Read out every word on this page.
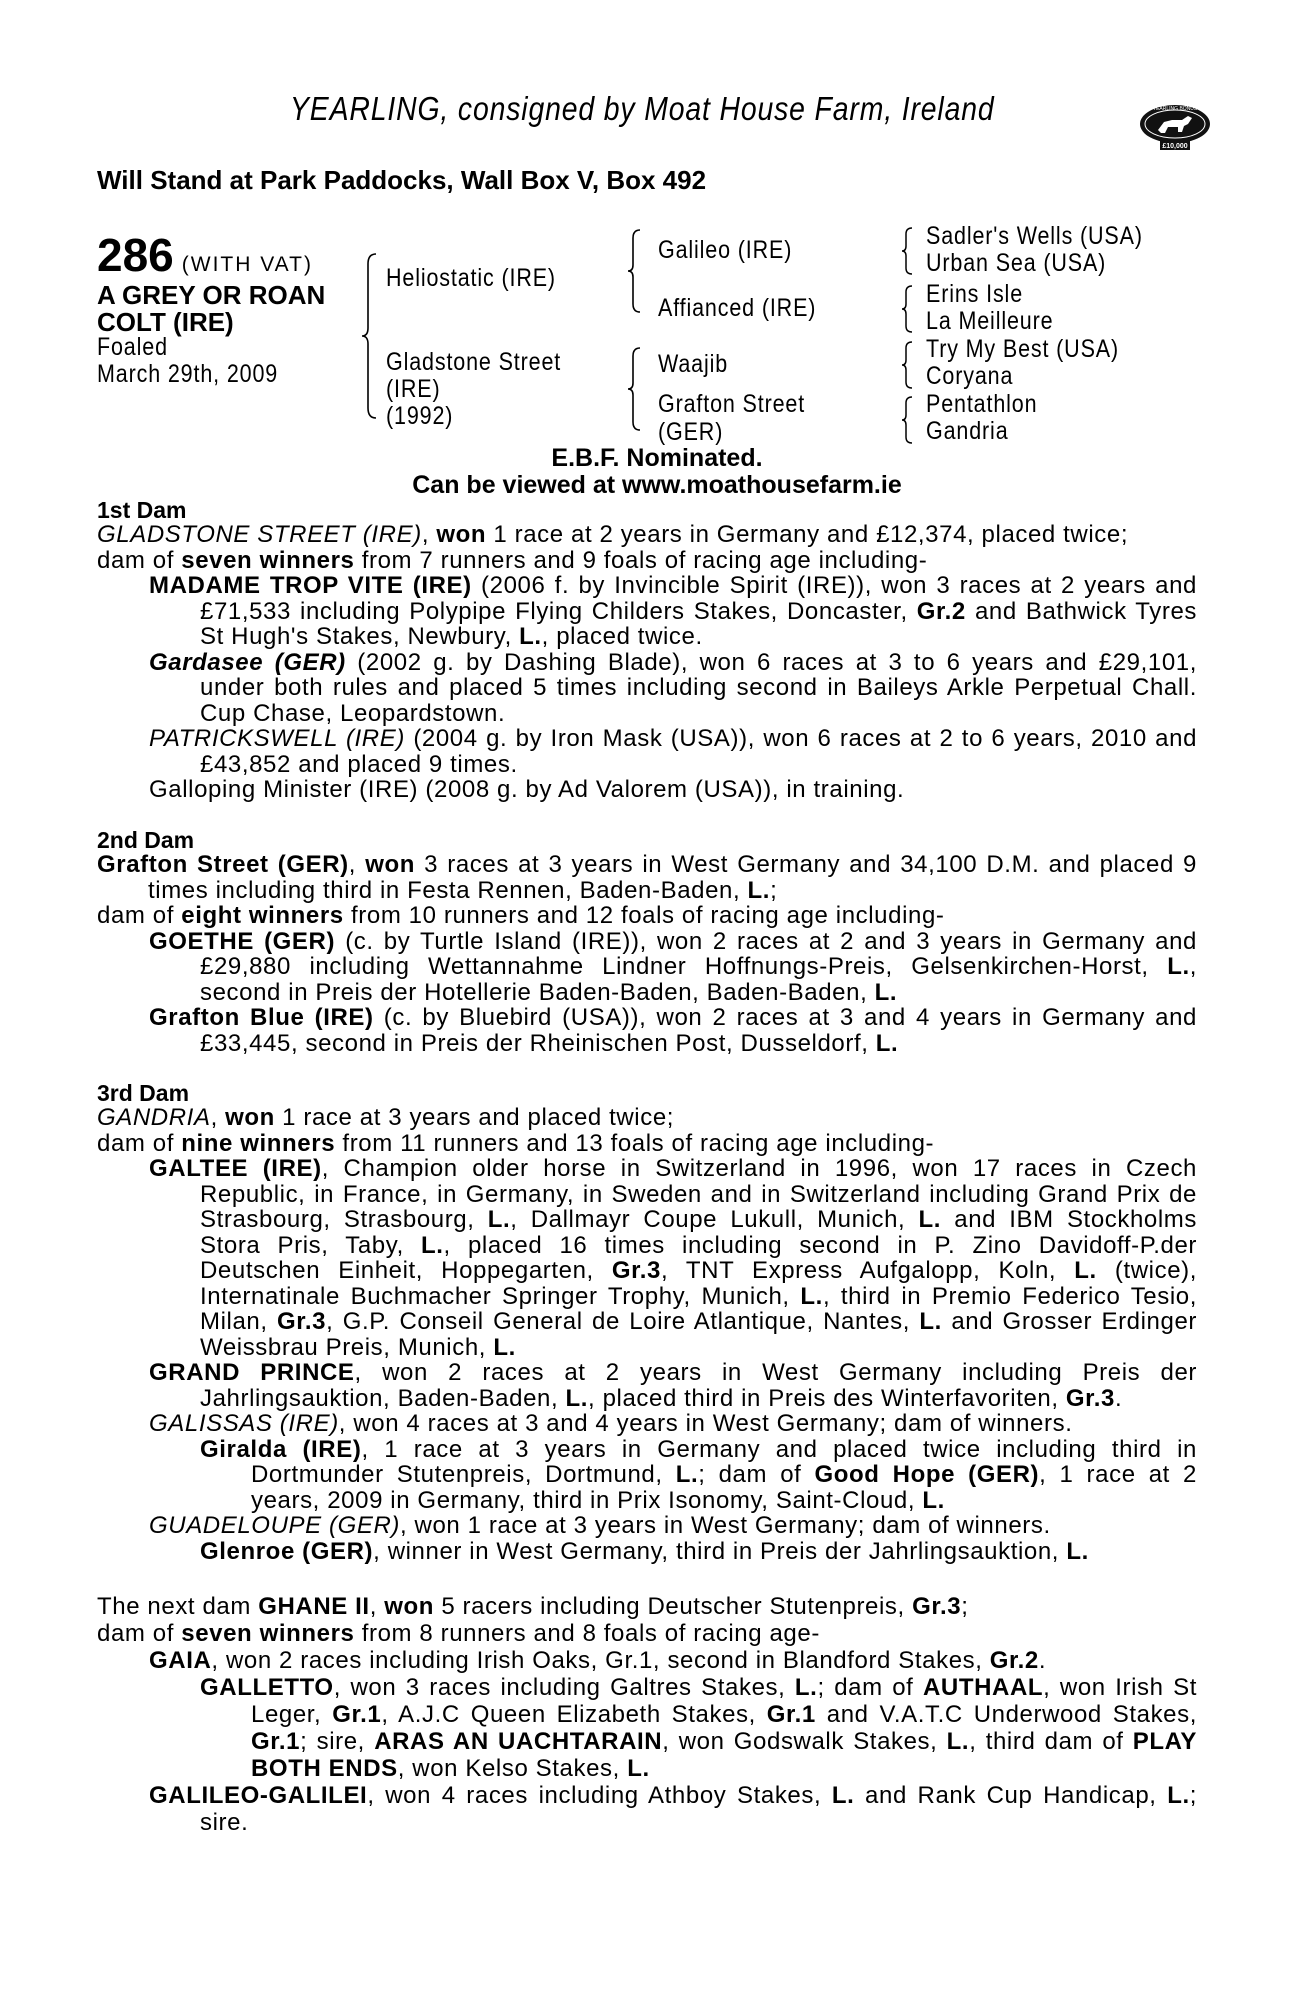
YEARLING, consigned by Moat House Farm, Ireland	YEARLING BONUS
£10,000
Will Stand at Park Paddocks, Wall Box V, Box 492
286 (WITH VAT)
A GREY OR ROAN
COLT (IRE)
Foaled
March 29th, 2009
Heliostatic (IRE)
Gladstone Street
(IRE)
(1992)
Galileo (IRE)
Affianced (IRE)
Waajib
Grafton Street
(GER)
Sadler's Wells (USA)
Urban Sea (USA)
Erins Isle
La Meilleure
Try My Best (USA)
Coryana
Pentathlon
Gandria
E.B.F. Nominated.
Can be viewed at www.moathousefarm.ie
1st Dam

GLADSTONE STREET (IRE), won 1 race at 2 years in Germany and £12,374, placed twice;

dam of seven winners from 7 runners and 9 foals of racing age including-

MADAME TROP VITE (IRE) (2006 f. by Invincible Spirit (IRE)), won 3 races at 2 years and £71,533 including Polypipe Flying Childers Stakes, Doncaster, Gr.2 and Bathwick Tyres St Hugh's Stakes, Newbury, L., placed twice.

Gardasee (GER) (2002 g. by Dashing Blade), won 6 races at 3 to 6 years and £29,101, under both rules and placed 5 times including second in Baileys Arkle Perpetual Chall. Cup Chase, Leopardstown.

PATRICKSWELL (IRE) (2004 g. by Iron Mask (USA)), won 6 races at 2 to 6 years, 2010 and £43,852 and placed 9 times.

Galloping Minister (IRE) (2008 g. by Ad Valorem (USA)), in training.

2nd Dam

Grafton Street (GER), won 3 races at 3 years in West Germany and 34,100 D.M. and placed 9 times including third in Festa Rennen, Baden-Baden, L.;

dam of eight winners from 10 runners and 12 foals of racing age including-

GOETHE (GER) (c. by Turtle Island (IRE)), won 2 races at 2 and 3 years in Germany and £29,880 including Wettannahme Lindner Hoffnungs-Preis, Gelsenkirchen-Horst, L., second in Preis der Hotellerie Baden-Baden, Baden-Baden, L.

Grafton Blue (IRE) (c. by Bluebird (USA)), won 2 races at 3 and 4 years in Germany and £33,445, second in Preis der Rheinischen Post, Dusseldorf, L.

3rd Dam

GANDRIA, won 1 race at 3 years and placed twice;

dam of nine winners from 11 runners and 13 foals of racing age including-

GALTEE (IRE), Champion older horse in Switzerland in 1996, won 17 races in Czech Republic, in France, in Germany, in Sweden and in Switzerland including Grand Prix de Strasbourg, Strasbourg, L., Dallmayr Coupe Lukull, Munich, L. and IBM Stockholms Stora Pris, Taby, L., placed 16 times including second in P. Zino Davidoff-P.der Deutschen Einheit, Hoppegarten, Gr.3, TNT Express Aufgalopp, Koln, L. (twice), Internatinale Buchmacher Springer Trophy, Munich, L., third in Premio Federico Tesio, Milan, Gr.3, G.P. Conseil General de Loire Atlantique, Nantes, L. and Grosser Erdinger Weissbrau Preis, Munich, L.

GRAND PRINCE, won 2 races at 2 years in West Germany including Preis der Jahrlingsauktion, Baden-Baden, L., placed third in Preis des Winterfavoriten, Gr.3.

GALISSAS (IRE), won 4 races at 3 and 4 years in West Germany; dam of winners.

Giralda (IRE), 1 race at 3 years in Germany and placed twice including third in Dortmunder Stutenpreis, Dortmund, L.; dam of Good Hope (GER), 1 race at 2 years, 2009 in Germany, third in Prix Isonomy, Saint-Cloud, L.

GUADELOUPE (GER), won 1 race at 3 years in West Germany; dam of winners.

Glenroe (GER), winner in West Germany, third in Preis der Jahrlingsauktion, L.

The next dam GHANE II, won 5 racers including Deutscher Stutenpreis, Gr.3;

dam of seven winners from 8 runners and 8 foals of racing age-

GAIA, won 2 races including Irish Oaks, Gr.1, second in Blandford Stakes, Gr.2.

GALLETTO, won 3 races including Galtres Stakes, L.; dam of AUTHAAL, won Irish St Leger, Gr.1, A.J.C Queen Elizabeth Stakes, Gr.1 and V.A.T.C Underwood Stakes, Gr.1; sire, ARAS AN UACHTARAIN, won Godswalk Stakes, L., third dam of PLAY BOTH ENDS, won Kelso Stakes, L.

GALILEO-GALILEI, won 4 races including Athboy Stakes, L. and Rank Cup Handicap, L.; sire.
